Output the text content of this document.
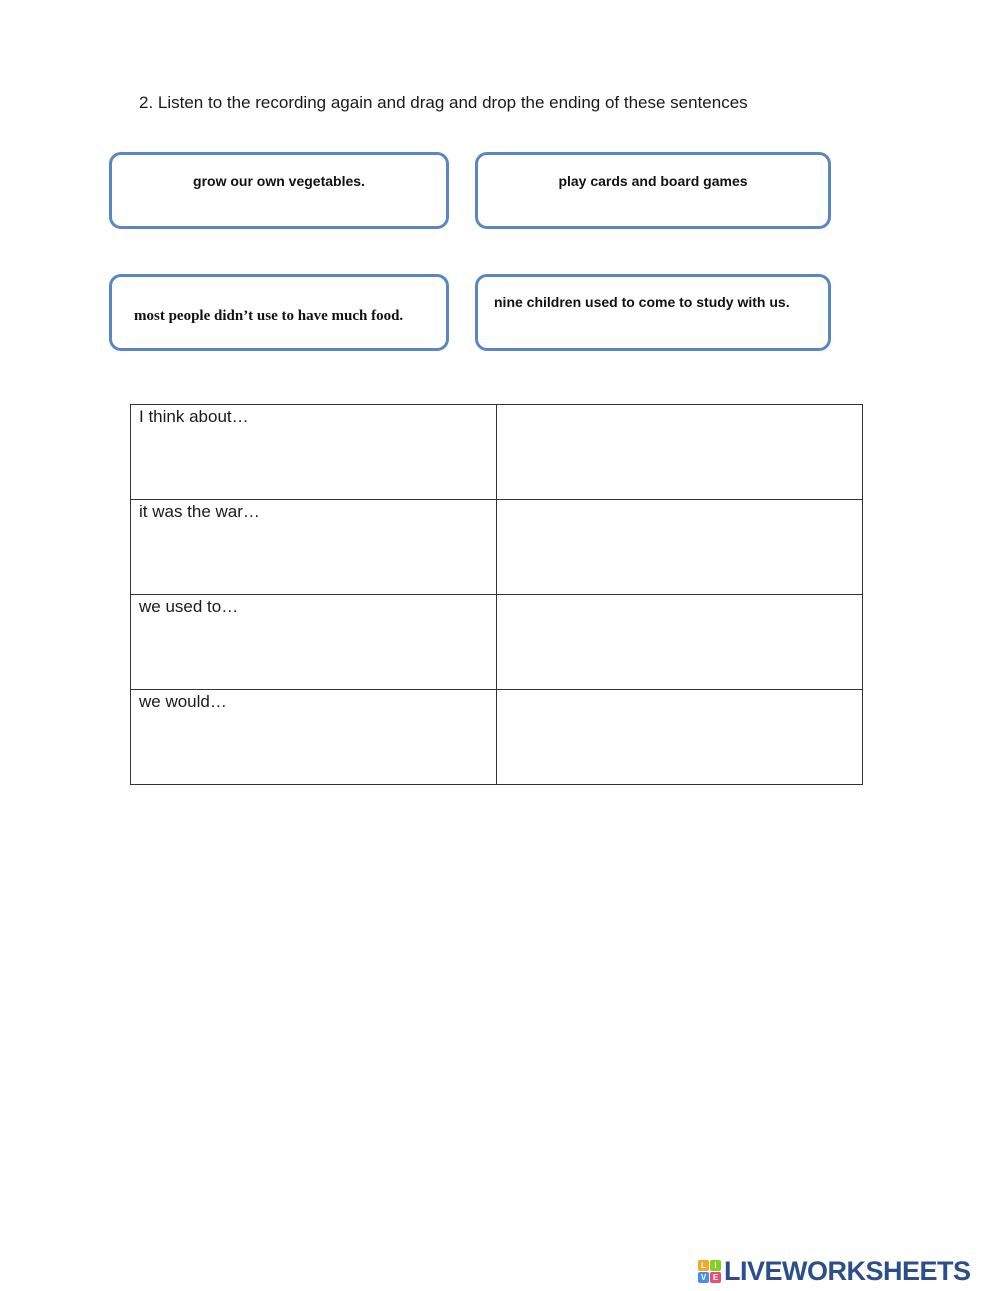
2. Listen to the recording again and drag and drop the ending of these sentences
grow our own vegetables.	play cards and board games
most people didn’t use to have much food.
nine children used to come to study with us.
I think about…	
it was the war…	
we used to…	
we would…	
L	I
V E LIVEWORKSHEETS
